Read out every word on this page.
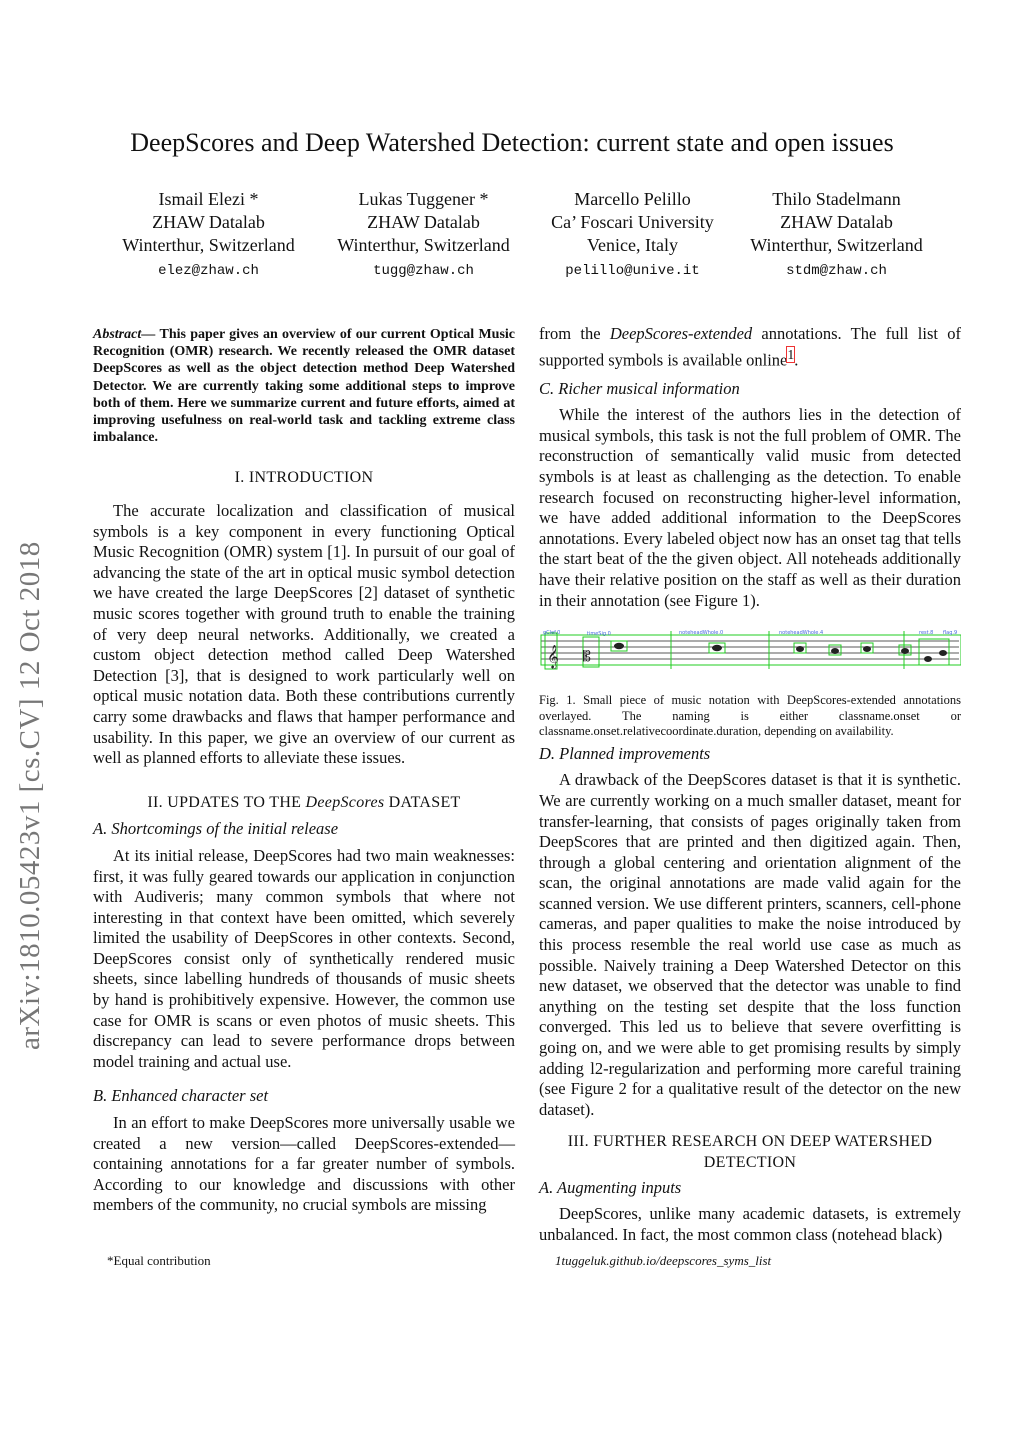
DeepScores and Deep Watershed Detection: current state and open issues
Ismail Elezi *
ZHAW Datalab
Winterthur, Switzerland
elez@zhaw.ch
Lukas Tuggener *
ZHAW Datalab
Winterthur, Switzerland
tugg@zhaw.ch
Marcello Pelillo
Ca’ Foscari University
Venice, Italy
pelillo@unive.it
Thilo Stadelmann
ZHAW Datalab
Winterthur, Switzerland
stdm@zhaw.ch
arXiv:1810.05423v1 [cs.CV] 12 Oct 2018
Abstract— This paper gives an overview of our current Optical Music Recognition (OMR) research. We recently released the OMR dataset DeepScores as well as the object detection method Deep Watershed Detector. We are currently taking some additional steps to improve both of them. Here we summarize current and future efforts, aimed at improving usefulness on real-world task and tackling extreme class imbalance.
I. INTRODUCTION

The accurate localization and classification of musical symbols is a key component in every functioning Optical Music Recognition (OMR) system [1]. In pursuit of our goal of advancing the state of the art in optical music symbol detection we have created the large DeepScores [2] dataset of synthetic music scores together with ground truth to enable the training of very deep neural networks. Additionally, we created a custom object detection method called Deep Watershed Detection [3], that is designed to work particularly well on optical music notation data. Both these contributions currently carry some drawbacks and flaws that hamper performance and usability. In this paper, we give an overview of our current as well as planned efforts to alleviate these issues.

II. UPDATES TO THE DeepScores DATASET
A. Shortcomings of the initial release

At its initial release, DeepScores had two main weaknesses: first, it was fully geared towards our application in conjunction with Audiveris; many common symbols that where not interesting in that context have been omitted, which severely limited the usability of DeepScores in other contexts. Second, DeepScores consist only of synthetically rendered music sheets, since labelling hundreds of thousands of music sheets by hand is prohibitively expensive. However, the common use case for OMR is scans or even photos of music sheets. This discrepancy can lead to severe performance drops between model training and actual use.

B. Enhanced character set

In an effort to make DeepScores more universally usable we created a new version—called DeepScores-extended—containing annotations for a far greater number of symbols. According to our knowledge and discussions with other members of the community, no crucial symbols are missing

*Equal contribution

from the DeepScores-extended annotations. The full list of supported symbols is available online$^1$.

C. Richer musical information

While the interest of the authors lies in the detection of musical symbols, this task is not the full problem of OMR. The reconstruction of semantically valid music from detected symbols is at least as challenging as the detection. To enable research focused on reconstructing higher-level information, we have added additional information to the DeepScores annotations. Every labeled object now has an onset tag that tells the start beat of the the given object. All noteheads additionally have their relative position on the staff as well as their duration in their annotation (see Figure 1).

𝄞 𝄡
gClef.0	timeSig.0	noteheadWhole.0	noteheadWhole.4	rest.8 flag.9
Fig. 1. Small piece of music notation with DeepScores-extended annotations overlayed. The naming is either classname.onset or classname.onset.relativecoordinate.duration, depending on availability.
D. Planned improvements

A drawback of the DeepScores dataset is that it is synthetic. We are currently working on a much smaller dataset, meant for transfer-learning, that consists of pages originally taken from DeepScores that are printed and then digitized again. Then, through a global centering and orientation alignment of the scan, the original annotations are made valid again for the scanned version. We use different printers, scanners, cell-phone cameras, and paper qualities to make the noise introduced by this process resemble the real world use case as much as possible. Naively training a Deep Watershed Detector on this new dataset, we observed that the detector was unable to find anything on the testing set despite that the loss function converged. This led us to believe that severe overfitting is going on, and we were able to get promising results by simply adding l2-regularization and performing more careful training (see Figure 2 for a qualitative result of the detector on the new dataset).

III. FURTHER RESEARCH ON DEEP WATERSHED DETECTION
A. Augmenting inputs

DeepScores, unlike many academic datasets, is extremely unbalanced. In fact, the most common class (notehead black)

1tuggeluk.github.io/deepscores_syms_list
